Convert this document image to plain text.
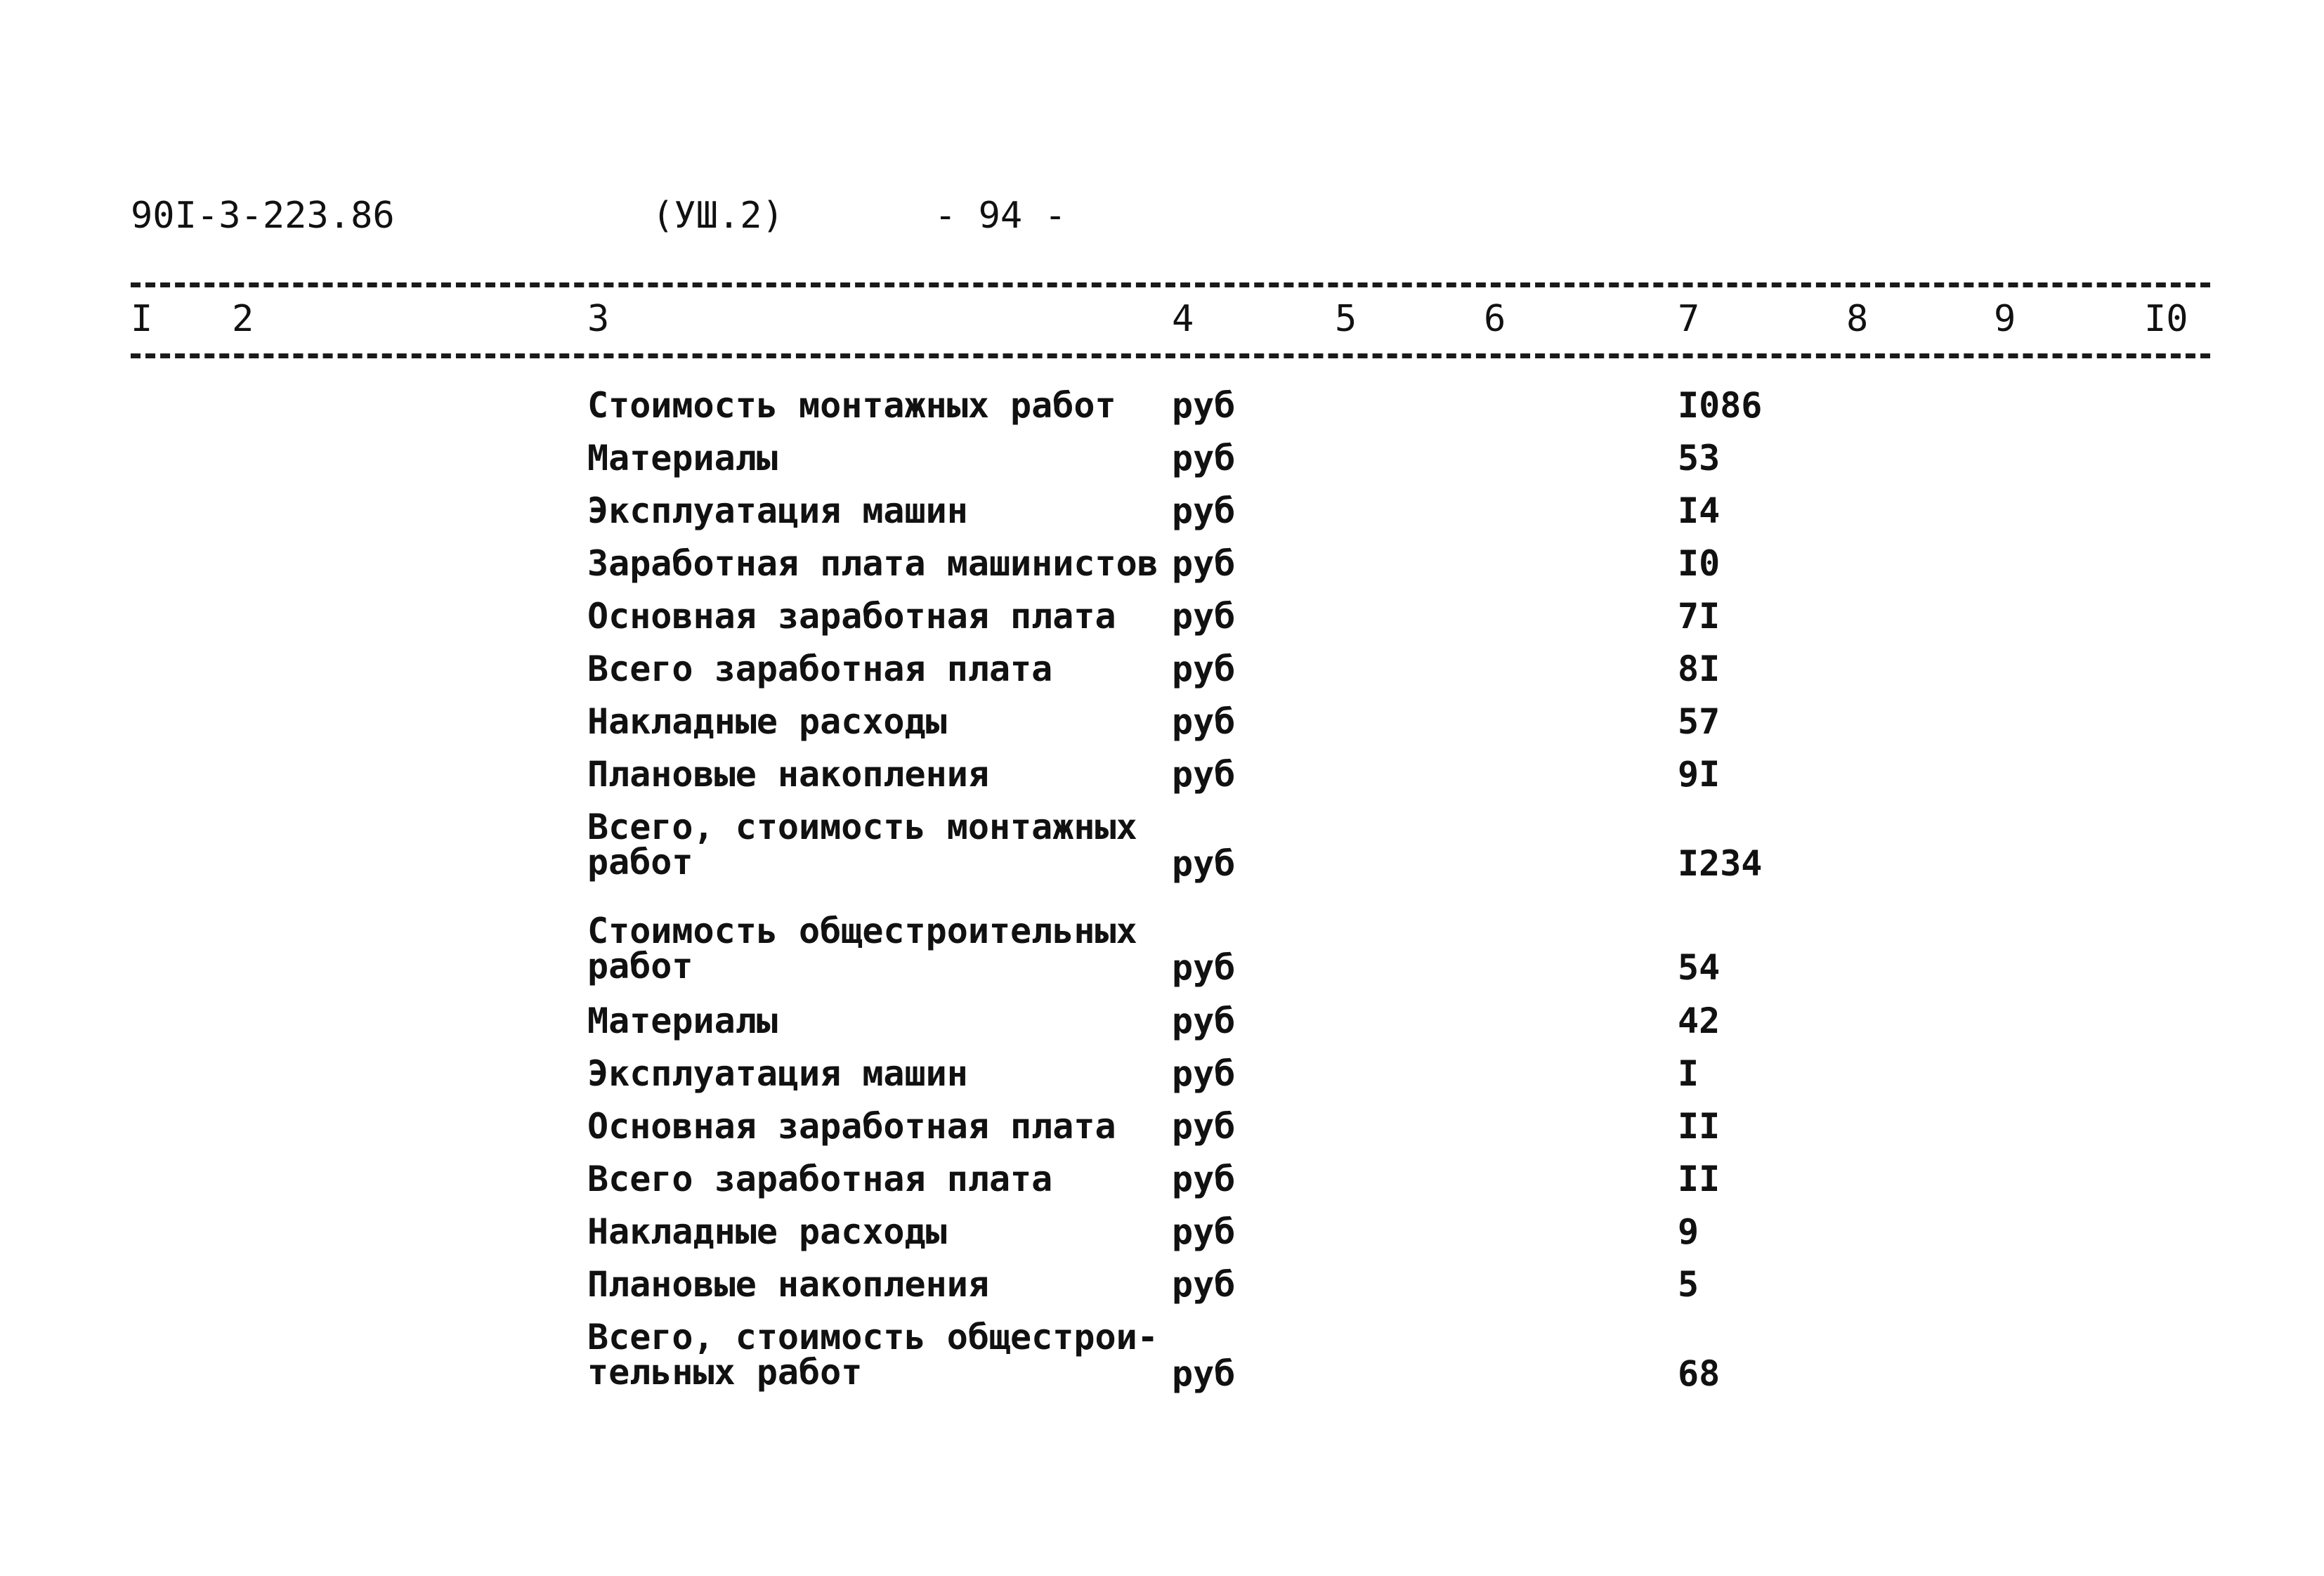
90I-3-223.86	(УШ.2)	- 94 -
I 2	3	4	5	6	7	8	9	I0
Стоимость монтажных работ	руб	I086
Материалы	руб	53
Эксплуатация машин	руб	I4
Заработная плата машинистов руб	I0
Основная заработная плата	руб	7I
Всего заработная плата	руб	8I
Накладные расходы	руб	57
Плановые накопления	руб	9I
Всего, стоимость монтажных
работ	руб	I234
Стоимость общестроительных
работ	руб	54
Материалы	руб	42
Эксплуатация машин	руб	I
Основная заработная плата	руб	II
Всего заработная плата	руб	II
Накладные расходы	руб	9
Плановые накопления	руб	5
Всего, стоимость общестрои-
тельных работ	руб	68
